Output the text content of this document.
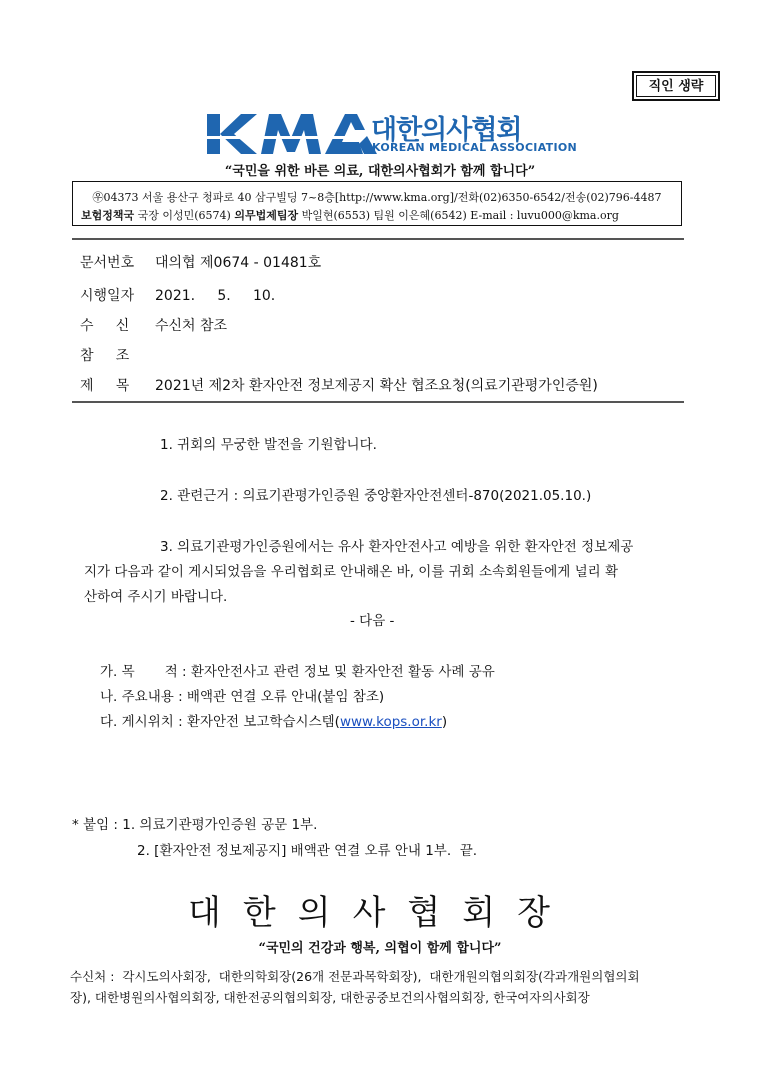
직인 생략
대한의사협회
KOREAN MEDICAL ASSOCIATION
“국민을 위한 바른 의료, 대한의사협회가 함께 합니다”
㉾04373 서울 용산구 청파로 40 삼구빌딩 7~8층[http://www.kma.org]/전화(02)6350-6542/전송(02)796-4487
보험정책국 국장 이성민(6574) 의무법제팀장 박일현(6553) 팀원 이은혜(6542) E-mail : luvu000@kma.org
문서번호 대의협 제0674 - 01481호
시행일자 2021.     5.     10.
수     신 수신처 참조
참     조
제     목 2021년 제2차 환자안전 정보제공지 확산 협조요청(의료기관평가인증원)
1. 귀회의 무궁한 발전을 기원합니다.
2. 관련근거 : 의료기관평가인증원 중앙환자안전센터-870(2021.05.10.)
3. 의료기관평가인증원에서는 유사 환자안전사고 예방을 위한 환자안전 정보제공
지가 다음과 같이 게시되었음을 우리협회로 안내해온 바, 이를 귀회 소속회원들에게 널리 확
산하여 주시기 바랍니다.
- 다음 -
가. 목       적 : 환자안전사고 관련 정보 및 환자안전 활동 사례 공유
나. 주요내용 : 배액관 연결 오류 안내(붙임 참조)
다. 게시위치 : 환자안전 보고학습시스템(www.kops.or.kr)
* 붙임 : 1. 의료기관평가인증원 공문 1부.
2. [환자안전 정보제공지] 배액관 연결 오류 안내 1부.  끝.
대한의사협회장
“국민의 건강과 행복, 의협이 함께 합니다”
수신처 :  각시도의사회장,  대한의학회장(26개 전문과목학회장),  대한개원의협의회장(각과개원의협의회
장), 대한병원의사협의회장, 대한전공의협의회장, 대한공중보건의사협의회장, 한국여자의사회장
